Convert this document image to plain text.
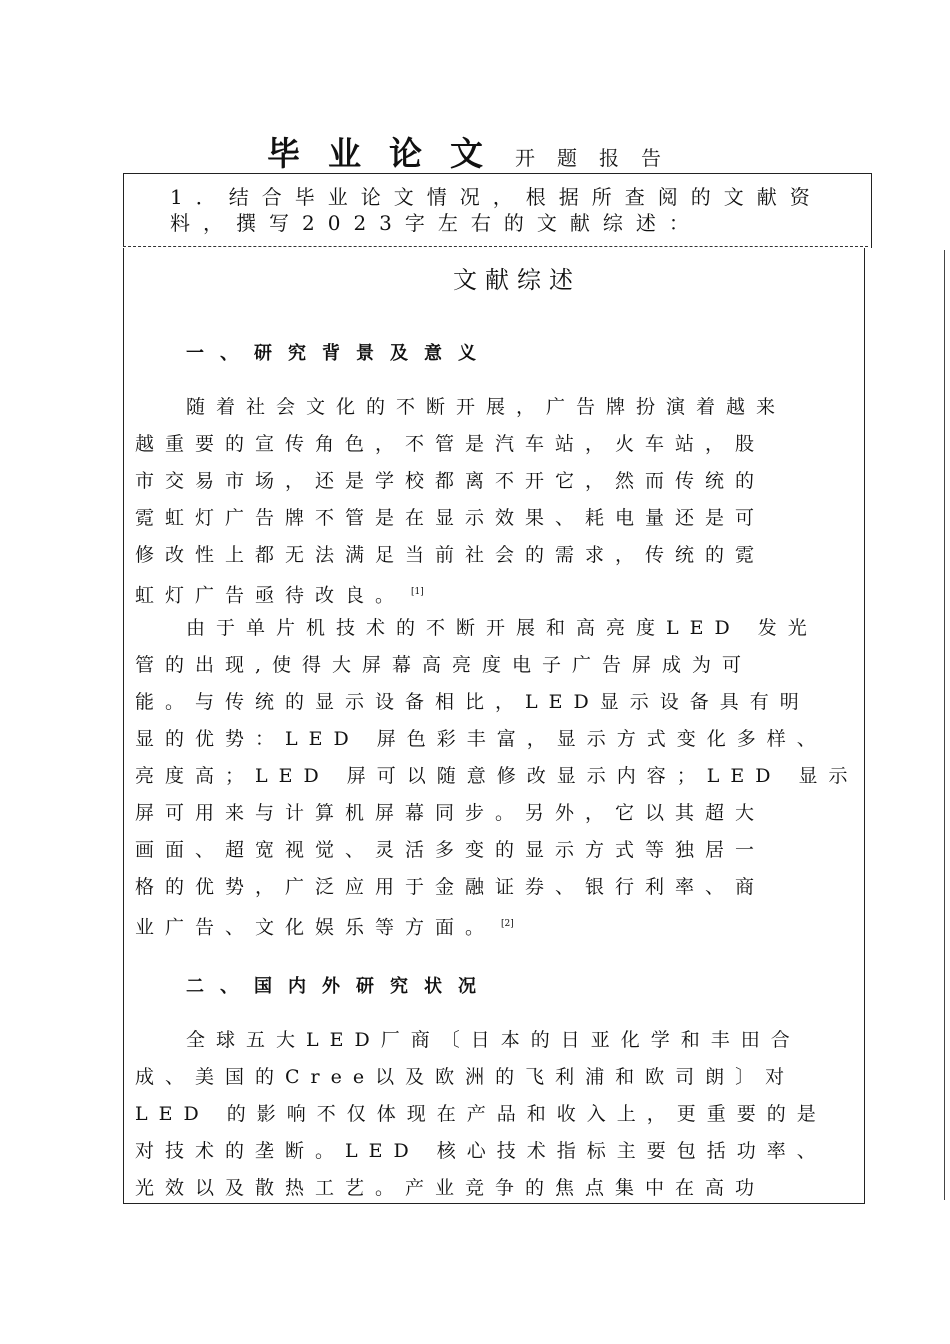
毕业论文 开题报告
1．结合毕业论文情况，根据所查阅的文献资
料，撰写2023字左右的文献综述：
文献综述
一、研究背景及意义
随着社会文化的不断开展，广告牌扮演着越来
越重要的宣传角色，不管是汽车站，火车站，股
市交易市场，还是学校都离不开它，然而传统的
霓虹灯广告牌不管是在显示效果、耗电量还是可
修改性上都无法满足当前社会的需求，传统的霓
虹灯广告亟待改良。 [1]
由于单片机技术的不断开展和高亮度LED 发光
管的出现,使得大屏幕高亮度电子广告屏成为可
能。与传统的显示设备相比，LED显示设备具有明
显的优势：LED 屏色彩丰富，显示方式变化多样、
亮度高；LED 屏可以随意修改显示内容；LED 显示
屏可用来与计算机屏幕同步。另外，它以其超大
画面、超宽视觉、灵活多变的显示方式等独居一
格的优势，广泛应用于金融证券、银行利率、商
业广告、文化娱乐等方面。 [2]
二、国内外研究状况
全球五大LED厂商〔日本的日亚化学和丰田合
成、美国的Cree以及欧洲的飞利浦和欧司朗〕对
LED 的影响不仅体现在产品和收入上，更重要的是
对技术的垄断。LED 核心技术指标主要包括功率、
光效以及散热工艺。产业竞争的焦点集中在高功
